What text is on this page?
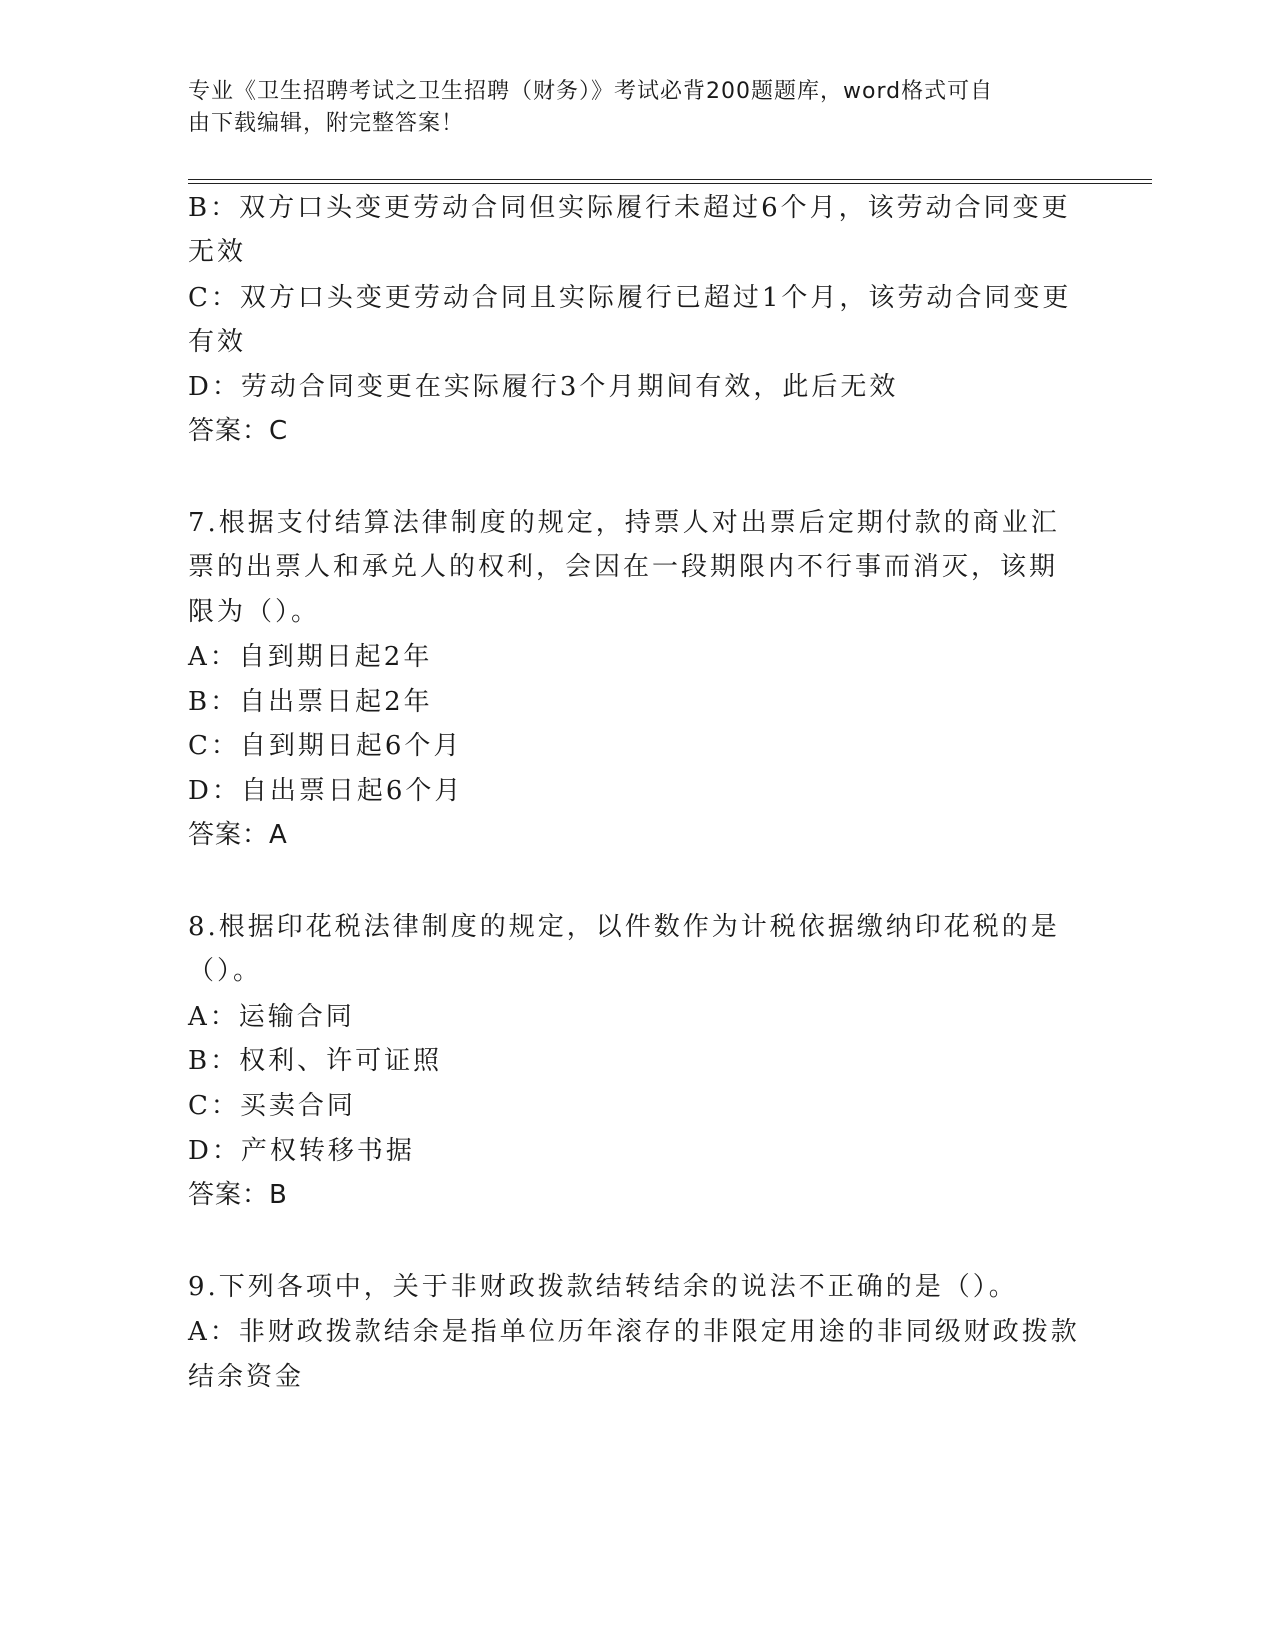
专业《卫生招聘考试之卫生招聘（财务）》考试必背200题题库，word格式可自
由下载编辑，附完整答案！
B：双方口头变更劳动合同但实际履行未超过6个月，该劳动合同变更
无效
C：双方口头变更劳动合同且实际履行已超过1个月，该劳动合同变更
有效
D：劳动合同变更在实际履行3个月期间有效，此后无效
答案：C
7.根据支付结算法律制度的规定，持票人对出票后定期付款的商业汇
票的出票人和承兑人的权利，会因在一段期限内不行事而消灭，该期
限为（）。
A：自到期日起2年
B：自出票日起2年
C：自到期日起6个月
D：自出票日起6个月
答案：A
8.根据印花税法律制度的规定，以件数作为计税依据缴纳印花税的是
（）。
A：运输合同
B：权利、许可证照
C：买卖合同
D：产权转移书据
答案：B
9.下列各项中，关于非财政拨款结转结余的说法不正确的是（）。
A：非财政拨款结余是指单位历年滚存的非限定用途的非同级财政拨款
结余资金
